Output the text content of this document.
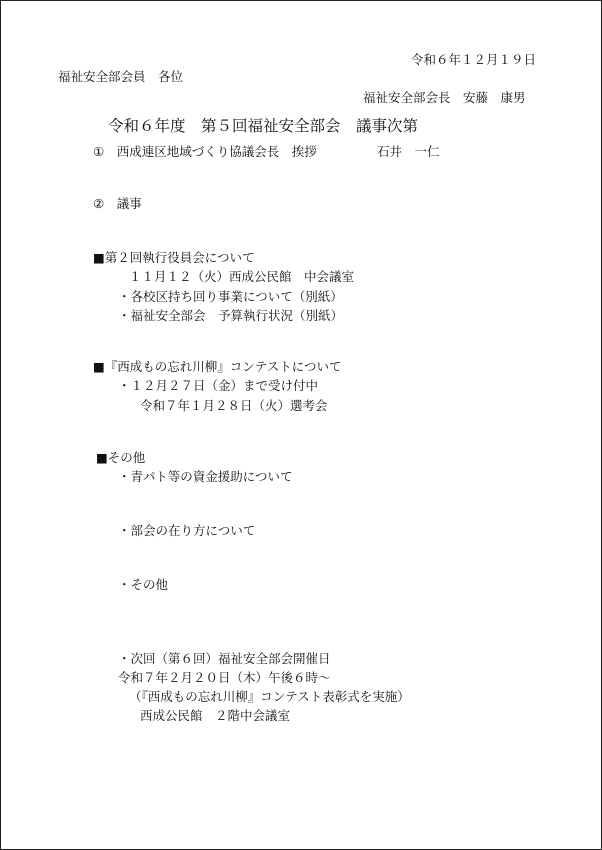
令和６年１２月１９日
福祉安全部会員　各位
福祉安全部会長　安藤　康男
令和６年度　第５回福祉安全部会　議事次第
①　西成連区地域づくり協議会長　挨拶	石井　一仁
②　議事
■第２回執行役員会について
１１月１２（火）西成公民館　中会議室
・各校区持ち回り事業について（別紙）
・福祉安全部会　予算執行状況（別紙）
■『西成もの忘れ川柳』コンテストについて
・１２月２７日（金）まで受け付中
令和７年１月２８日（火）選考会
■その他
・青パト等の資金援助について
・部会の在り方について
・その他
・次回（第６回）福祉安全部会開催日
令和７年２月２０日（木）午後６時～
（『西成もの忘れ川柳』コンテスト表彰式を実施）
西成公民館　２階中会議室
